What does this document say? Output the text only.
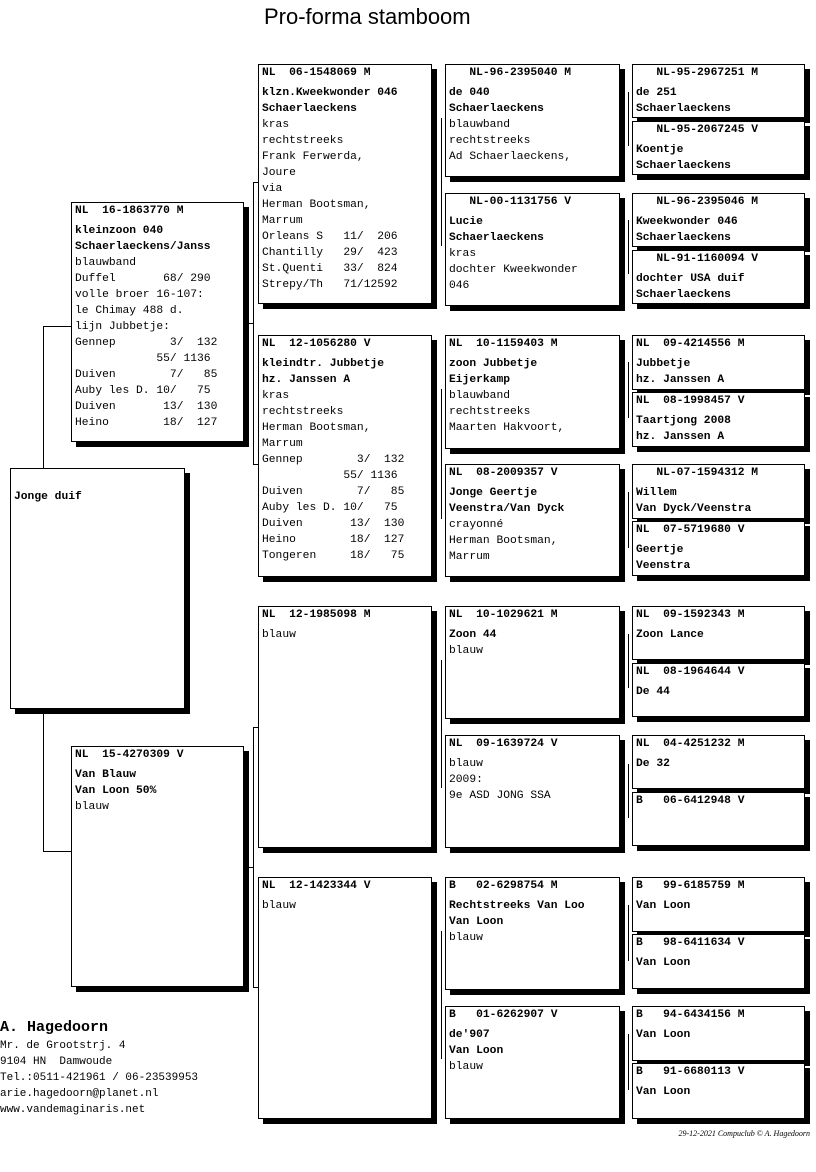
Pro-forma stamboom
Jonge duif
NL  16-1863770 M
kleinzoon 040
Schaerlaeckens/Janss
blauwband
Duffel       68/ 290
volle broer 16-107:
le Chimay 488 d.
lijn Jubbetje:
Gennep        3/  132
55/ 1136
Duiven        7/   85
Auby les D. 10/   75
Duiven       13/  130
Heino        18/  127
NL  15-4270309 V
Van Blauw
Van Loon 50%
blauw
NL  06-1548069 M
klzn.Kweekwonder 046
Schaerlaeckens
kras
rechtstreeks
Frank Ferwerda,
Joure
via
Herman Bootsman,
Marrum
Orleans S   11/  206
Chantilly   29/  423
St.Quenti   33/  824
Strepy/Th   71/12592
NL  12-1056280 V
kleindtr. Jubbetje
hz. Janssen A
kras
rechtstreeks
Herman Bootsman,
Marrum
Gennep        3/  132
55/ 1136
Duiven        7/   85
Auby les D. 10/   75
Duiven       13/  130
Heino        18/  127
Tongeren     18/   75
NL  12-1985098 M
blauw
NL  12-1423344 V
blauw
NL-96-2395040 M
de 040
Schaerlaeckens
blauwband
rechtstreeks
Ad Schaerlaeckens,
NL-00-1131756 V
Lucie
Schaerlaeckens
kras
dochter Kweekwonder
046
NL  10-1159403 M
zoon Jubbetje
Eijerkamp
blauwband
rechtstreeks
Maarten Hakvoort,
NL  08-2009357 V
Jonge Geertje
Veenstra/Van Dyck
crayonné
Herman Bootsman,
Marrum
NL  10-1029621 M
Zoon 44
blauw
NL  09-1639724 V
blauw
2009:
9e ASD JONG SSA
B   02-6298754 M
Rechtstreeks Van Loo
Van Loon
blauw
B   01-6262907 V
de'907
Van Loon
blauw
NL-95-2967251 M
de 251
Schaerlaeckens
NL-95-2067245 V
Koentje
Schaerlaeckens
NL-96-2395046 M
Kweekwonder 046
Schaerlaeckens
NL-91-1160094 V
dochter USA duif
Schaerlaeckens
NL  09-4214556 M
Jubbetje
hz. Janssen A
NL  08-1998457 V
Taartjong 2008
hz. Janssen A
NL-07-1594312 M
Willem
Van Dyck/Veenstra
NL  07-5719680 V
Geertje
Veenstra
NL  09-1592343 M
Zoon Lance
NL  08-1964644 V
De 44
NL  04-4251232 M
De 32
B   06-6412948 V
B   99-6185759 M
Van Loon
B   98-6411634 V
Van Loon
B   94-6434156 M
Van Loon
B   91-6680113 V
Van Loon
A. Hagedoorn
Mr. de Grootstrj. 4
9104 HN  Damwoude
Tel.:0511-421961 / 06-23539953
arie.hagedoorn@planet.nl
www.vandemaginaris.net
29-12-2021 Compuclub © A. Hagedoorn
